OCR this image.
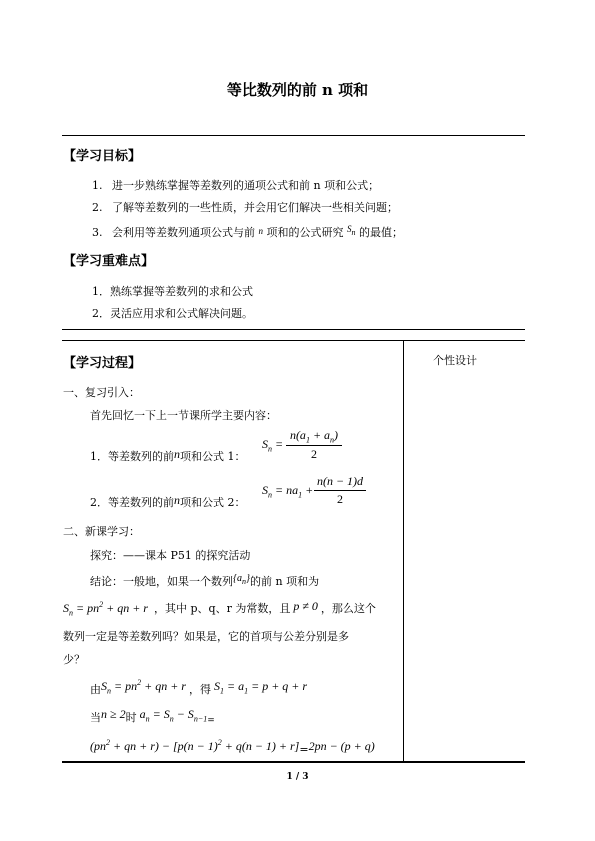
等比数列的前 n 项和
【学习目标】
1. 进一步熟练掌握等差数列的通项公式和前 n 项和公式；
2. 了解等差数列的一些性质，并会用它们解决一些相关问题；
3. 会利用等差数列通项公式与前 n 项和的公式研究 $^{S_n}$ 的最值；
【学习重难点】
1．熟练掌握等差数列的求和公式
2．灵活应用求和公式解决问题。
【学习过程】	个性设计
一、复习引入：
首先回忆一下上一节课所学主要内容：
1．等差数列的前n项和公式 1：
$S_n = \frac{n(a_1 + a_n)}{2}$
2．等差数列的前n项和公式 2：
$S_n = na_1 + \frac{n(n - 1)d}{2}$
二、新课学习：
探究：——课本 P51 的探究活动
结论：一般地，如果一个数列$\{a_n\}$的前 n 项和为
$S_n = pn^2$ + qn + r ，其中 p、q、r 为常数，且 p ≠ 0 ，那么这个
数列一定是等差数列吗？如果是，它的首项与公差分别是多
少？
由$S_n = pn^2$ + qn + r ，得 $S_1 = a_1 = p + q + r$
当n ≥ 2时 $a_n = S_n - S_{n-1=}$
($pn^2$ + qn + $r) - [p(n - 1)^2 + q(n - 1) + r]=2pn - (p + q)$
1 / 3
